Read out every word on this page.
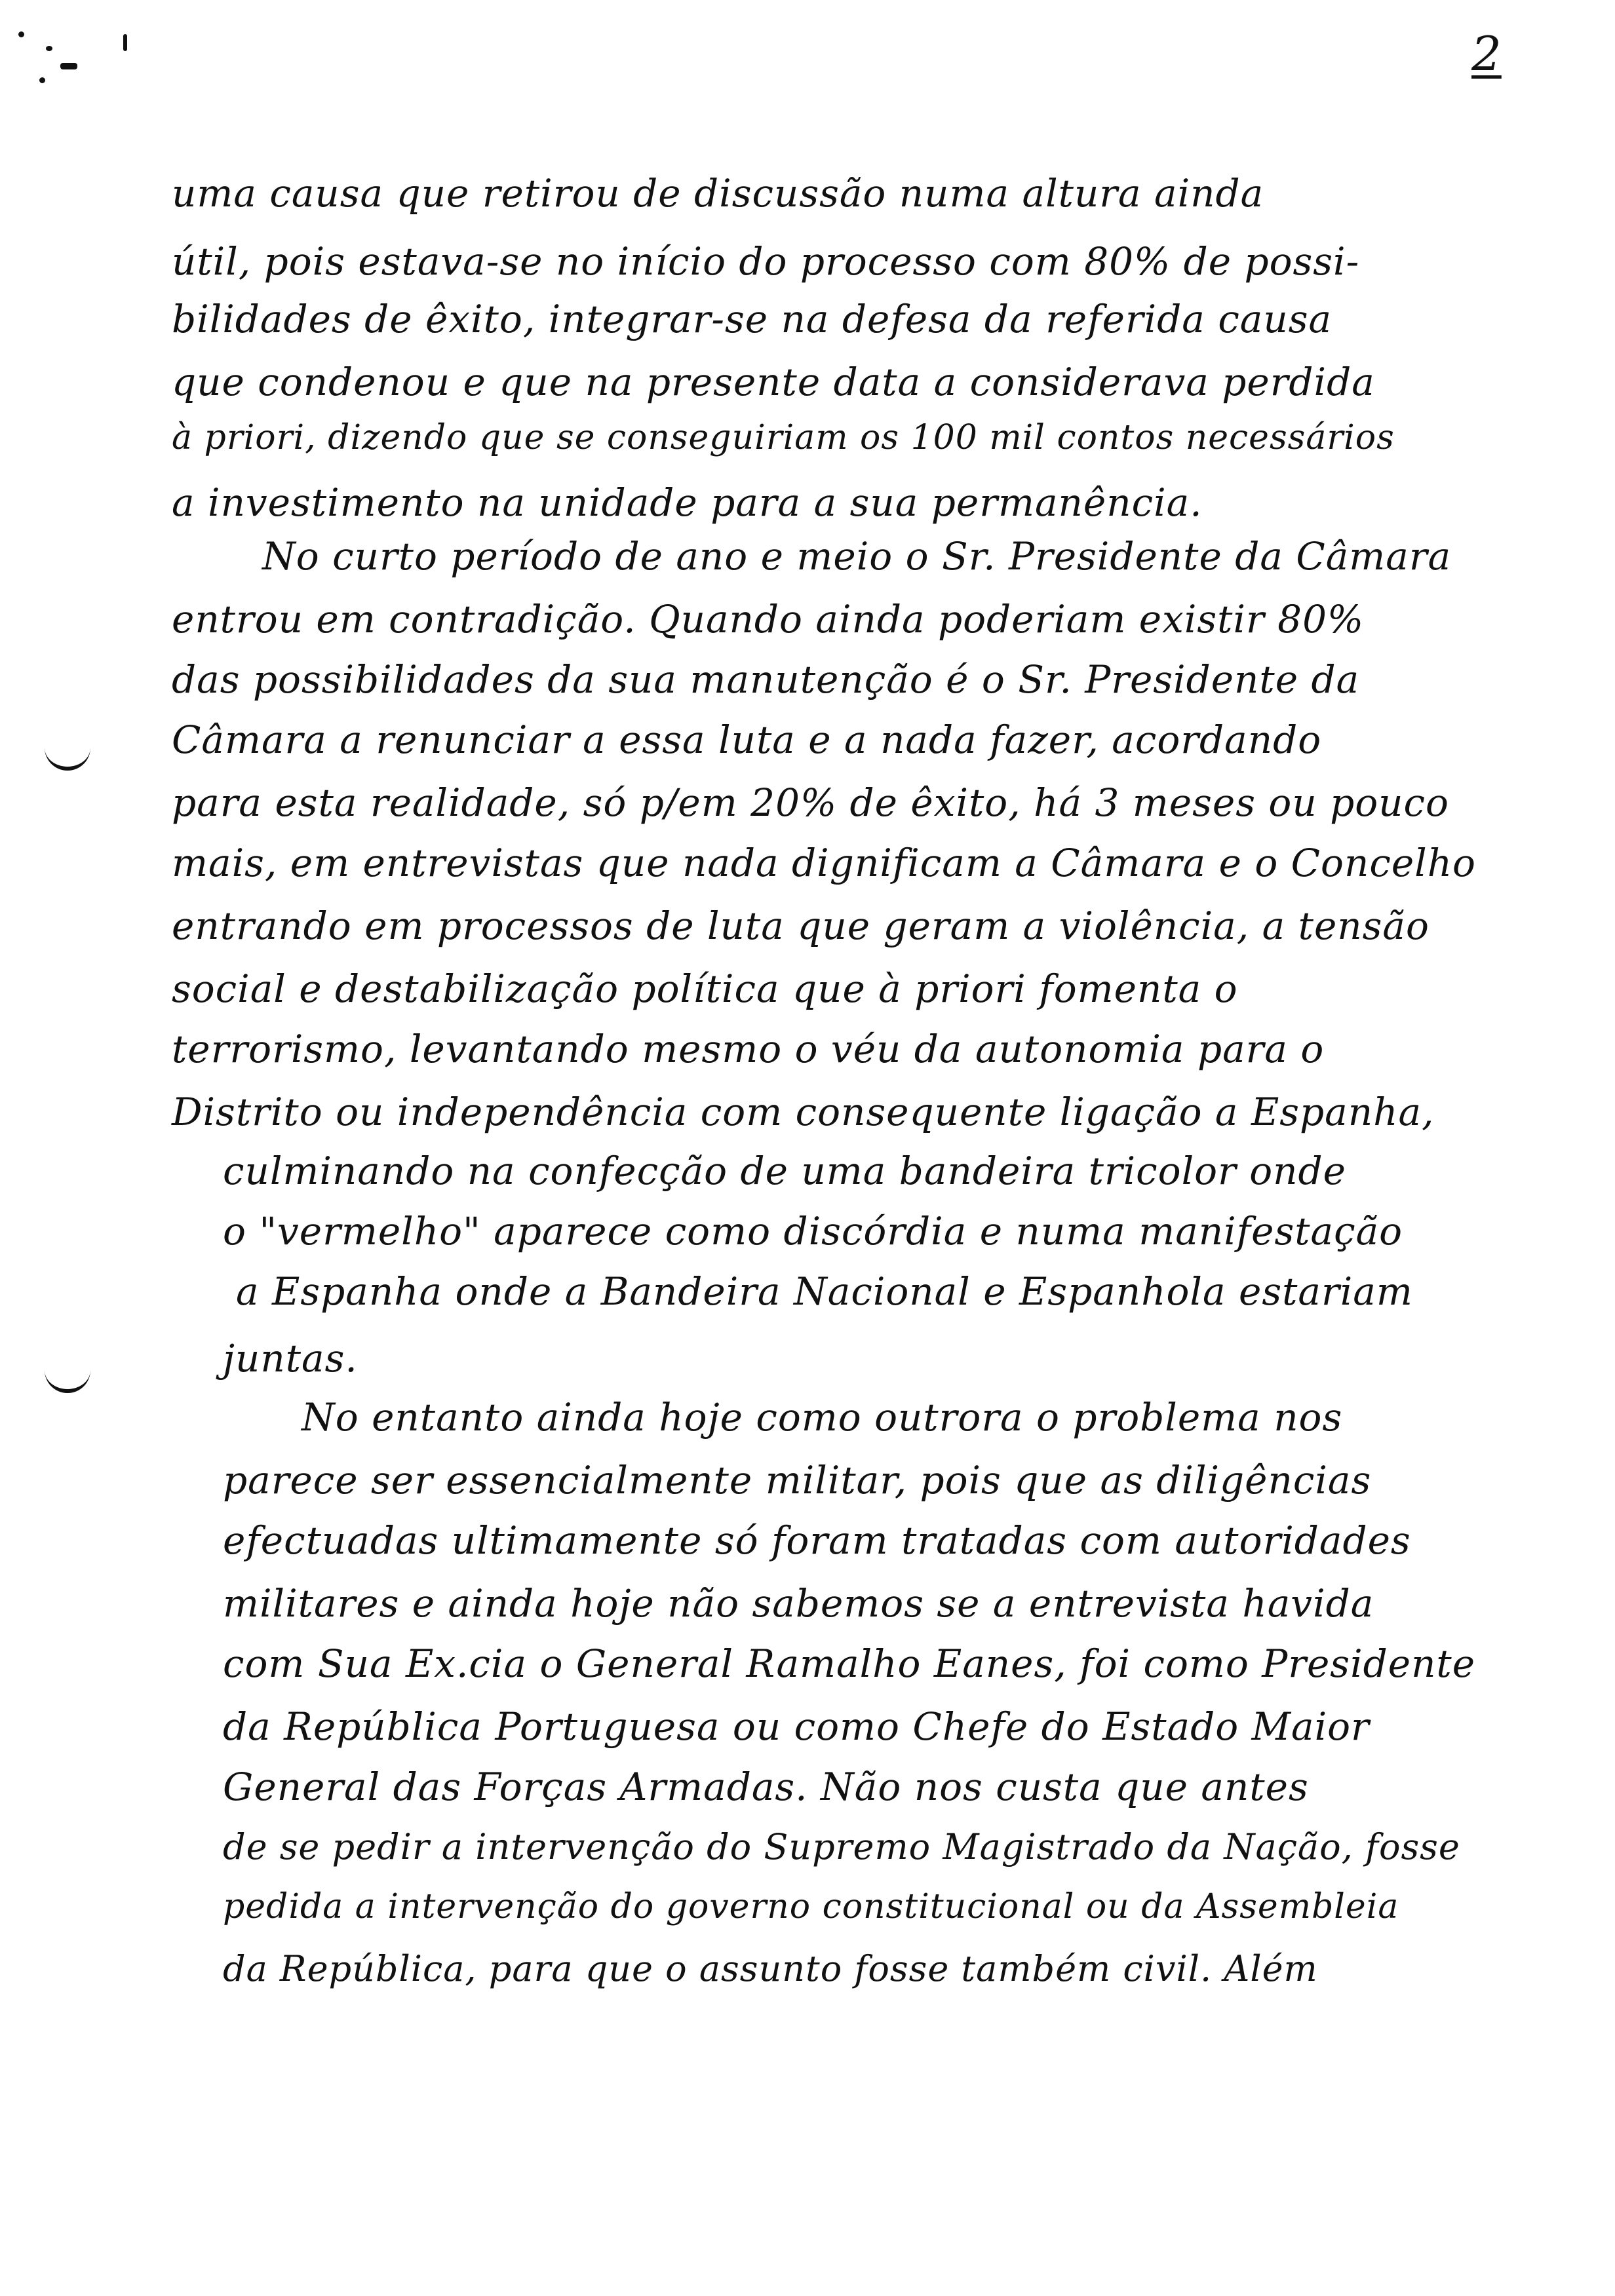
2
uma causa que retirou de discussão numa altura ainda
útil, pois estava-se no início do processo com 80% de possi-
bilidades de êxito, integrar-se na defesa da referida causa
que condenou e que na presente data a considerava perdida
à priori, dizendo que se conseguiriam os 100 mil contos necessários
a investimento na unidade para a sua permanência.
No curto período de ano e meio o Sr. Presidente da Câmara
entrou em contradição. Quando ainda poderiam existir 80%
das possibilidades da sua manutenção é o Sr. Presidente da
Câmara a renunciar a essa luta e a nada fazer, acordando
para esta realidade, só p/em 20% de êxito, há 3 meses ou pouco
mais, em entrevistas que nada dignificam a Câmara e o Concelho
entrando em processos de luta que geram a violência, a tensão
social e destabilização política que à priori fomenta o
terrorismo, levantando mesmo o véu da autonomia para o
Distrito ou independência com consequente ligação a Espanha,
culminando na confecção de uma bandeira tricolor onde
o "vermelho" aparece como discórdia e numa manifestação
a Espanha onde a Bandeira Nacional e Espanhola estariam
juntas.
No entanto ainda hoje como outrora o problema nos
parece ser essencialmente militar, pois que as diligências
efectuadas ultimamente só foram tratadas com autoridades
militares e ainda hoje não sabemos se a entrevista havida
com Sua Ex.cia o General Ramalho Eanes, foi como Presidente
da República Portuguesa ou como Chefe do Estado Maior
General das Forças Armadas. Não nos custa que antes
de se pedir a intervenção do Supremo Magistrado da Nação, fosse
pedida a intervenção do governo constitucional ou da Assembleia
da República, para que o assunto fosse também civil. Além
